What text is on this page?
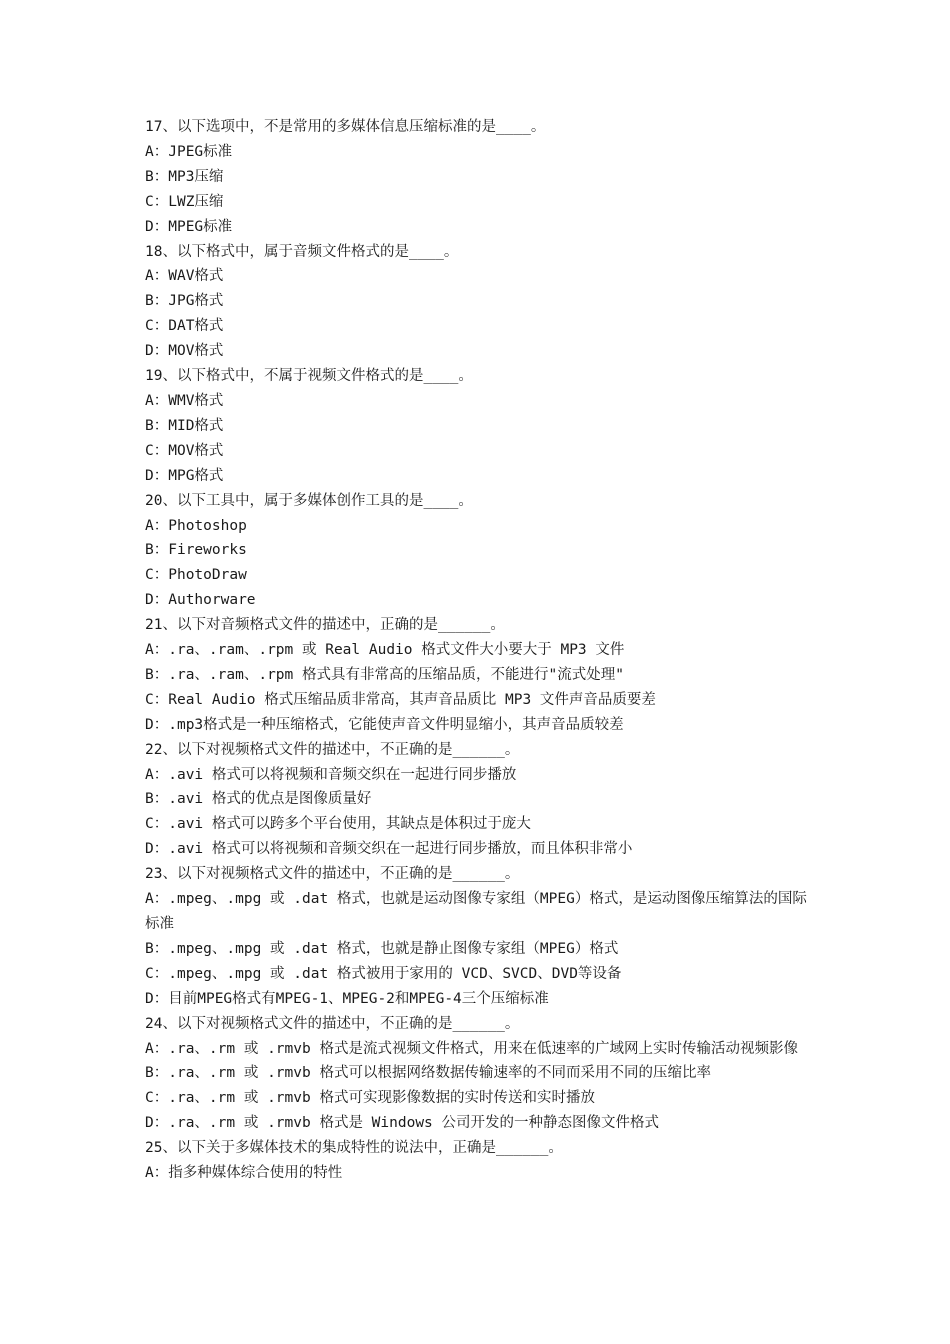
17、以下选项中，不是常用的多媒体信息压缩标准的是____。
A：JPEG标准
B：MP3压缩
C：LWZ压缩
D：MPEG标准
18、以下格式中，属于音频文件格式的是____。
A：WAV格式
B：JPG格式
C：DAT格式
D：MOV格式
19、以下格式中，不属于视频文件格式的是____。
A：WMV格式
B：MID格式
C：MOV格式
D：MPG格式
20、以下工具中，属于多媒体创作工具的是____。
A：Photoshop
B：Fireworks
C：PhotoDraw
D：Authorware
21、以下对音频格式文件的描述中，正确的是______。
A：.ra、.ram、.rpm 或 Real Audio 格式文件大小要大于 MP3 文件
B：.ra、.ram、.rpm 格式具有非常高的压缩品质，不能进行"流式处理"
C：Real Audio 格式压缩品质非常高，其声音品质比 MP3 文件声音品质要差
D：.mp3格式是一种压缩格式，它能使声音文件明显缩小，其声音品质较差
22、以下对视频格式文件的描述中，不正确的是______。
A：.avi 格式可以将视频和音频交织在一起进行同步播放
B：.avi 格式的优点是图像质量好
C：.avi 格式可以跨多个平台使用，其缺点是体积过于庞大
D：.avi 格式可以将视频和音频交织在一起进行同步播放，而且体积非常小
23、以下对视频格式文件的描述中，不正确的是______。
A：.mpeg、.mpg 或 .dat 格式，也就是运动图像专家组（MPEG）格式，是运动图像压缩算法的国际标准
B：.mpeg、.mpg 或 .dat 格式，也就是静止图像专家组（MPEG）格式
C：.mpeg、.mpg 或 .dat 格式被用于家用的 VCD、SVCD、DVD等设备
D：目前MPEG格式有MPEG-1、MPEG-2和MPEG-4三个压缩标准
24、以下对视频格式文件的描述中，不正确的是______。
A：.ra、.rm 或 .rmvb 格式是流式视频文件格式，用来在低速率的广域网上实时传输活动视频影像
B：.ra、.rm 或 .rmvb 格式可以根据网络数据传输速率的不同而采用不同的压缩比率
C：.ra、.rm 或 .rmvb 格式可实现影像数据的实时传送和实时播放
D：.ra、.rm 或 .rmvb 格式是 Windows 公司开发的一种静态图像文件格式
25、以下关于多媒体技术的集成特性的说法中，正确是______。
A：指多种媒体综合使用的特性
